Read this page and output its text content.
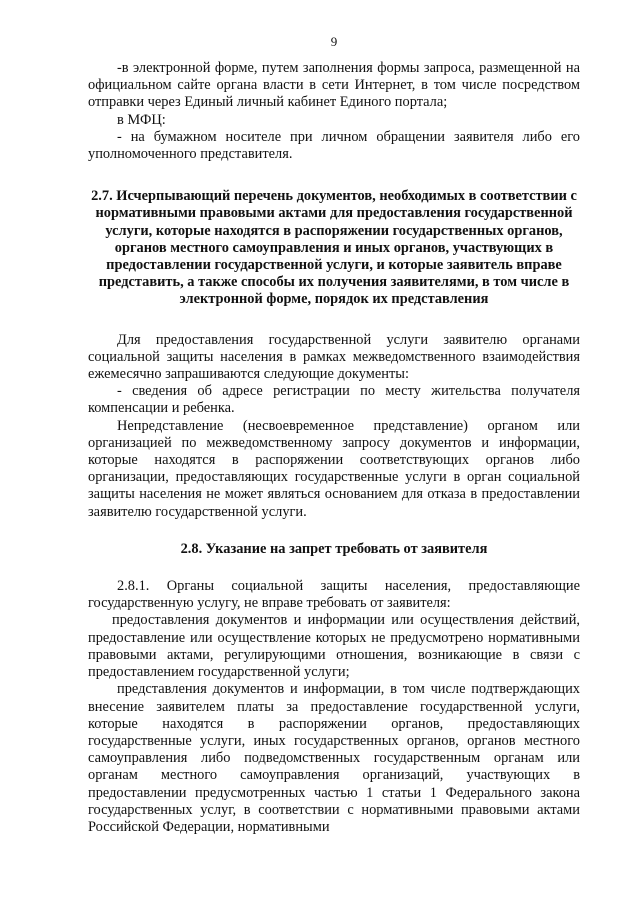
9

-в электронной форме, путем заполнения формы запроса, размещенной на официальном сайте органа власти в сети Интернет, в том числе посредством отправки через Единый личный кабинет Единого портала;

в МФЦ:

- на бумажном носителе при личном обращении заявителя либо его уполномоченного представителя.

2.7. Исчерпывающий перечень документов, необходимых в соответствии с нормативными правовыми актами для предоставления государственной услуги, которые находятся в распоряжении государственных органов, органов местного самоуправления и иных органов, участвующих в предоставлении государственной услуги, и которые заявитель вправе представить, а также способы их получения заявителями, в том числе в электронной форме, порядок их представления

Для предоставления государственной услуги заявителю органами социальной защиты населения в рамках межведомственного взаимодействия ежемесячно запрашиваются следующие документы:

- сведения об адресе регистрации по месту жительства получателя компенсации и ребенка.

Непредставление (несвоевременное представление) органом или организацией по межведомственному запросу документов и информации, которые находятся в распоряжении соответствующих органов либо организации, предоставляющих государственные услуги в орган социальной защиты населения не может являться основанием для отказа в предоставлении заявителю государственной услуги.

2.8. Указание на запрет требовать от заявителя

2.8.1. Органы социальной защиты населения, предоставляющие государственную услугу, не вправе требовать от заявителя:

предоставления документов и информации или осуществления действий, предоставление или осуществление которых не предусмотрено нормативными правовыми актами, регулирующими отношения, возникающие в связи с предоставлением государственной услуги;

представления документов и информации, в том числе подтверждающих внесение заявителем платы за предоставление государственной услуги, которые находятся в распоряжении органов, предоставляющих государственные услуги, иных государственных органов, органов местного самоуправления либо подведомственных государственным органам или органам местного самоуправления организаций, участвующих в предоставлении предусмотренных частью 1 статьи 1 Федерального закона государственных услуг, в соответствии с нормативными правовыми актами Российской Федерации, нормативными
